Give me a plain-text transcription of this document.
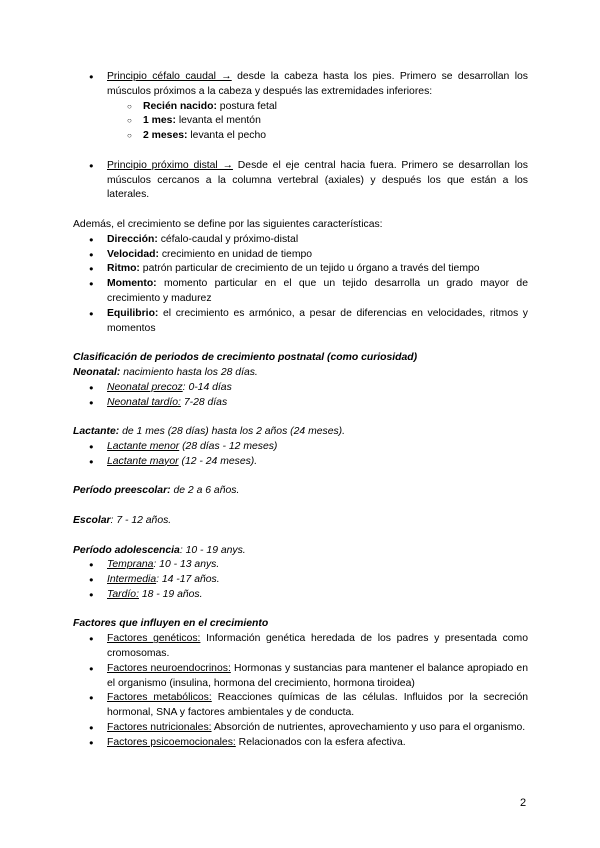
● Principio céfalo caudal → desde la cabeza hasta los pies. Primero se desarrollan los músculos próximos a la cabeza y después las extremidades inferiores:
○ Recién nacido: postura fetal
○ 1 mes: levanta el mentón
○ 2 meses: levanta el pecho
● Principio próximo distal → Desde el eje central hacia fuera. Primero se desarrollan los músculos cercanos a la columna vertebral (axiales) y después los que están a los laterales.

Además, el crecimiento se define por las siguientes características:

● Dirección: céfalo-caudal y próximo-distal
● Velocidad: crecimiento en unidad de tiempo
● Ritmo: patrón particular de crecimiento de un tejido u órgano a través del tiempo
● Momento: momento particular en el que un tejido desarrolla un grado mayor de crecimiento y madurez
● Equilibrio: el crecimiento es armónico, a pesar de diferencias en velocidades, ritmos y momentos

Clasificación de periodos de crecimiento postnatal (como curiosidad)

Neonatal: nacimiento hasta los 28 días.

● Neonatal precoz: 0-14 días
● Neonatal tardío: 7-28 días

Lactante: de 1 mes (28 días) hasta los 2 años (24 meses).

● Lactante menor (28 días - 12 meses)
● Lactante mayor (12 - 24 meses).

Período preescolar: de 2 a 6 años.

Escolar: 7 - 12 años.

Período adolescencia: 10 - 19 anys.

● Temprana: 10 - 13 anys.
● Intermedia: 14 -17 años.
● Tardío: 18 - 19 años.

Factores que influyen en el crecimiento

● Factores genéticos: Información genética heredada de los padres y presentada como cromosomas.
● Factores neuroendocrinos: Hormonas y sustancias para mantener el balance apropiado en el organismo (insulina, hormona del crecimiento, hormona tiroidea)
● Factores metabólicos: Reacciones químicas de las células. Influidos por la secreción hormonal, SNA y factores ambientales y de conducta.
● Factores nutricionales: Absorción de nutrientes, aprovechamiento y uso para el organismo.
● Factores psicoemocionales: Relacionados con la esfera afectiva.
2
